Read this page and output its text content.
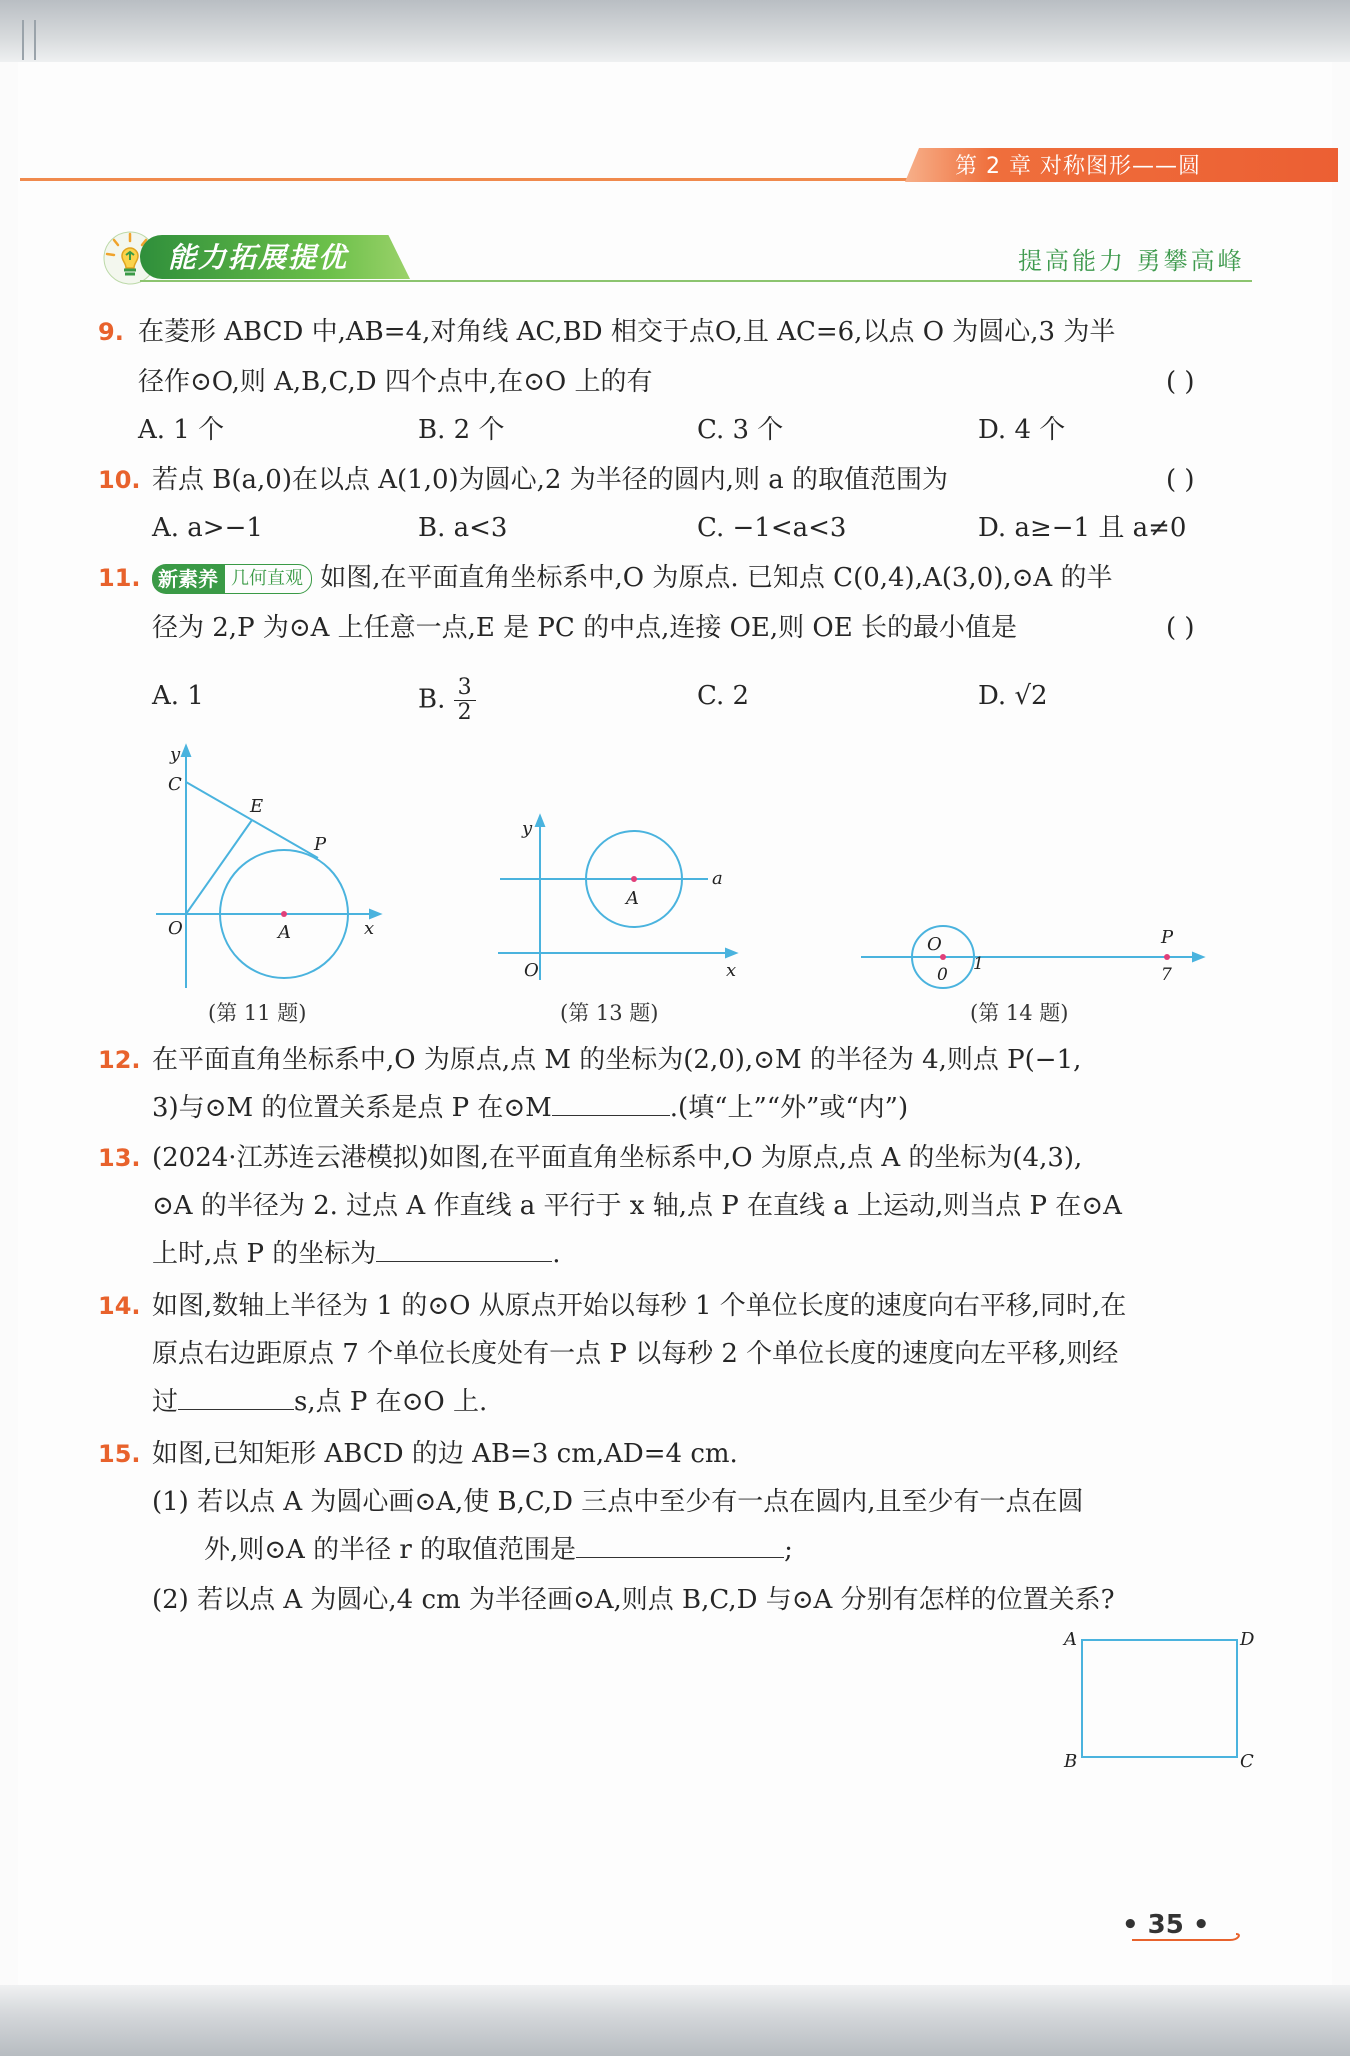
第 2 章 对称图形——圆
能力拓展提优	提高能力 勇攀高峰
9. 在菱形 ABCD 中,AB=4,对角线 AC,BD 相交于点O,且 AC=6,以点 O 为圆心,3 为半
径作⊙O,则 A,B,C,D 四个点中,在⊙O 上的有	( )
A. 1 个	B. 2 个	C. 3 个	D. 4 个
10. 若点 B(a,0)在以点 A(1,0)为圆心,2 为半径的圆内,则 a 的取值范围为	( )
A. a>−1	B. a<3	C. −1<a<3	D. a≥−1 且 a≠0
11. 新素养 几何直观 如图,在平面直角坐标系中,O 为原点. 已知点 C(0,4),A(3,0),⊙A 的半
径为 2,P 为⊙A 上任意一点,E 是 PC 的中点,连接 OE,则 OE 长的最小值是	( )
A. 1	B. $\frac{3}{2}$	C. 2	D. √2
y
C
E
P
O	A	x
(第 11 题)
y
O
A
a
x
(第 13 题)
O
0
1
P
7
(第 14 题)
12. 在平面直角坐标系中,O 为原点,点 M 的坐标为(2,0),⊙M 的半径为 4,则点 P(−1,
3)与⊙M 的位置关系是点 P 在⊙M	.(填“上”“外”或“内”)
13. (2024·江苏连云港模拟)如图,在平面直角坐标系中,O 为原点,点 A 的坐标为(4,3),
⊙A 的半径为 2. 过点 A 作直线 a 平行于 x 轴,点 P 在直线 a 上运动,则当点 P 在⊙A
上时,点 P 的坐标为	.
14. 如图,数轴上半径为 1 的⊙O 从原点开始以每秒 1 个单位长度的速度向右平移,同时,在
原点右边距原点 7 个单位长度处有一点 P 以每秒 2 个单位长度的速度向左平移,则经
过	s,点 P 在⊙O 上.
15. 如图,已知矩形 ABCD 的边 AB=3 cm,AD=4 cm.
(1) 若以点 A 为圆心画⊙A,使 B,C,D 三点中至少有一点在圆内,且至少有一点在圆
外,则⊙A 的半径 r 的取值范围是	;
(2) 若以点 A 为圆心,4 cm 为半径画⊙A,则点 B,C,D 与⊙A 分别有怎样的位置关系?
A	D
B	C
• 35 •
